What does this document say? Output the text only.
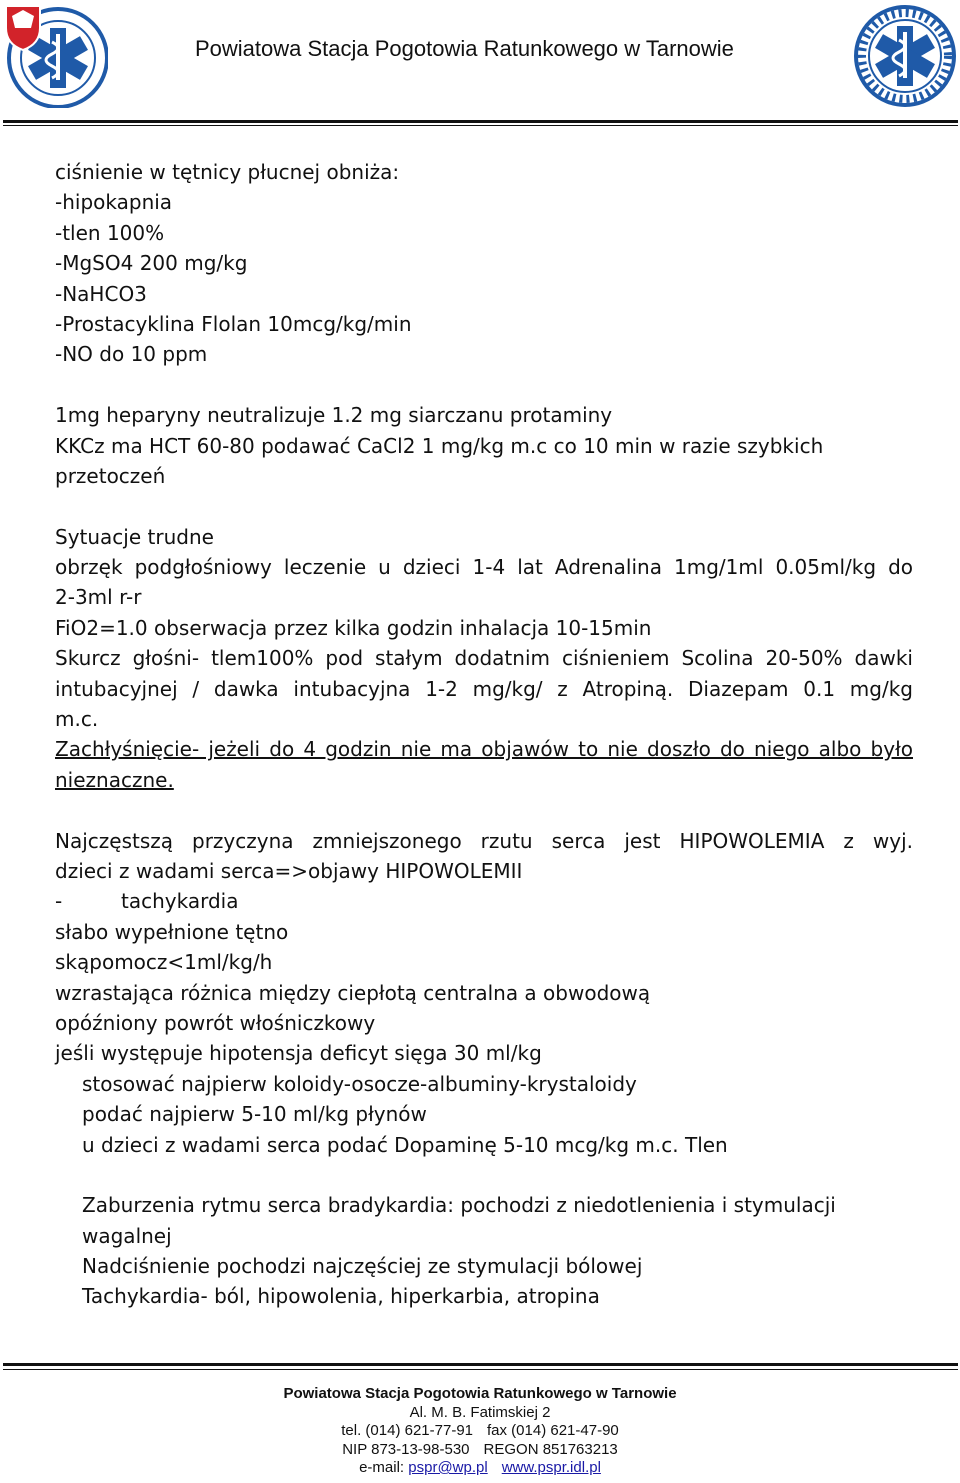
Powiatowa Stacja Pogotowia Ratunkowego w Tarnowie
ciśnienie w tętnicy płucnej obniża:
-hipokapnia
-tlen 100%
-MgSO4 200 mg/kg
-NaHCO3
-Prostacyklina Flolan 10mcg/kg/min
-NO do 10 ppm
1mg heparyny neutralizuje 1.2 mg siarczanu protaminy
KKCz ma HCT 60-80 podawać CaCl2 1 mg/kg m.c co 10 min w razie szybkich
przetoczeń
Sytuacje trudne
obrzęk podgłośniowy leczenie u dzieci 1-4 lat Adrenalina 1mg/1ml 0.05ml/kg do
2-3ml r-r
FiO2=1.0 obserwacja przez kilka godzin inhalacja 10-15min
Skurcz głośni- tlem100% pod stałym dodatnim ciśnieniem Scolina 20-50% dawki
intubacyjnej / dawka intubacyjna 1-2 mg/kg/ z Atropiną. Diazepam 0.1 mg/kg
m.c.
Zachłyśnięcie- jeżeli do 4 godzin nie ma objawów to nie doszło do niego albo było
nieznaczne.
Najczęstszą przyczyna zmniejszonego rzutu serca jest HIPOWOLEMIA z wyj.
dzieci z wadami serca=>objawy HIPOWOLEMII
-	tachykardia
słabo wypełnione tętno
skąpomocz<1ml/kg/h
wzrastająca różnica między ciepłotą centralna a obwodową
opóźniony powrót włośniczkowy
jeśli występuje hipotensja deficyt sięga 30 ml/kg
stosować najpierw koloidy-osocze-albuminy-krystaloidy
podać najpierw 5-10 ml/kg płynów
u dzieci z wadami serca podać Dopaminę 5-10 mcg/kg m.c. Tlen
Zaburzenia rytmu serca bradykardia: pochodzi z niedotlenienia i stymulacji
wagalnej
Nadciśnienie pochodzi najczęściej ze stymulacji bólowej
Tachykardia- ból, hipowolenia, hiperkarbia, atropina
Powiatowa Stacja Pogotowia Ratunkowego w Tarnowie
Al. M. B. Fatimskiej 2
tel. (014) 621-77-91 fax (014) 621-47-90
NIP 873-13-98-530 REGON 851763213
e-mail: pspr@wp.pl www.pspr.idl.pl
